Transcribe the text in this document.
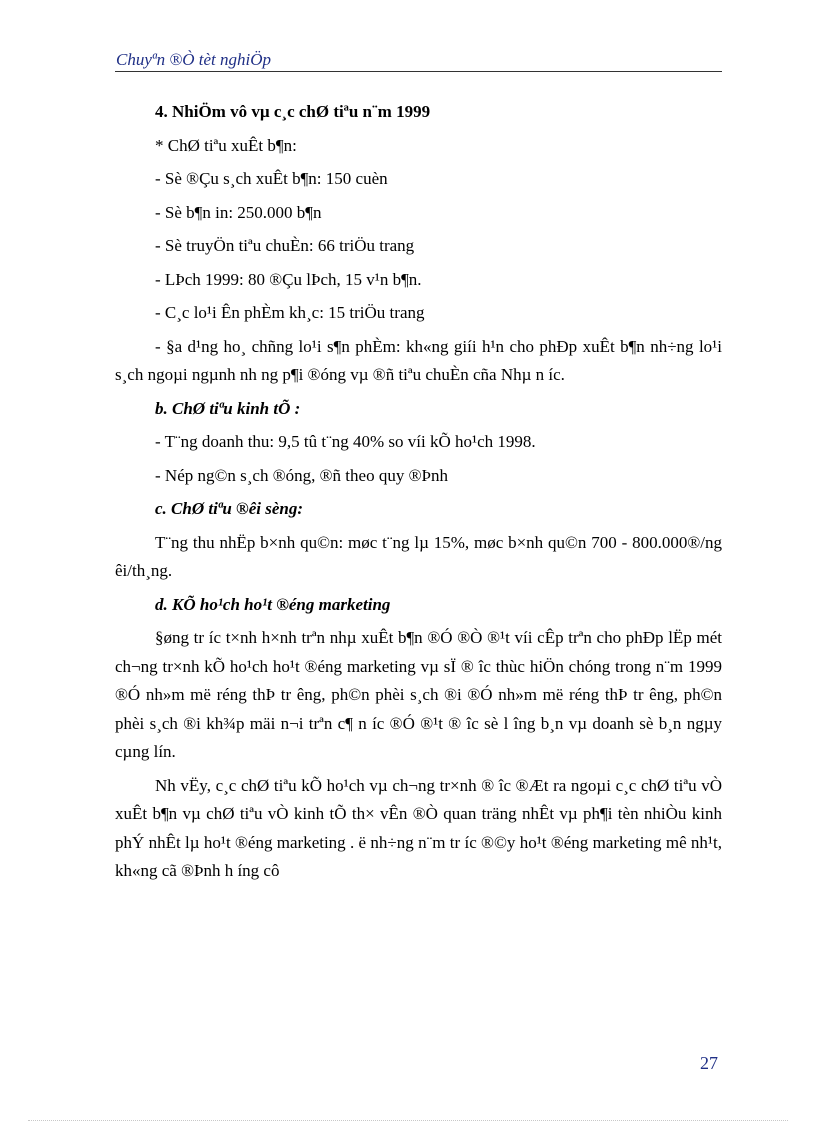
Chuyªn ®Ò tèt nghiÖp

4. NhiÖm vô vµ c¸c chØ tiªu n¨m 1999

* ChØ tiªu xuÊt b¶n:

- Sè ®Çu s¸ch xuÊt b¶n: 150 cuèn

- Sè b¶n in: 250.000 b¶n

- Sè truyÖn tiªu chuÈn: 66 triÖu trang

- LÞch 1999: 80 ®Çu lÞch, 15 v¹n b¶n.

- C¸c lo¹i Ên phÈm kh¸c: 15 triÖu trang

- §a d¹ng ho¸ chñng lo¹i s¶n phÈm: kh«ng giíi h¹n cho phÐp xuÊt b¶n nh÷ng lo¹i s¸ch ngoµi ngµnh nh ng p¶i ®óng vµ ®ñ tiªu chuÈn cña Nhµ n íc.

b. ChØ tiªu kinh tÕ :

- T¨ng doanh thu: 9,5 tû t¨ng 40% so víi kÕ ho¹ch 1998.

- Nép ng©n s¸ch ®óng, ®ñ theo quy ®Þnh

c. ChØ tiªu ®êi sèng:

T¨ng thu nhËp b×nh qu©n: møc t¨ng lµ 15%, møc b×nh qu©n 700 - 800.000®/ng êi/th¸ng.

d. KÕ ho¹ch ho¹t ®éng marketing

§øng tr íc t×nh h×nh trªn nhµ xuÊt b¶n ®Ó ®Ò ®¹t víi cÊp trªn cho phÐp lËp mét ch¬ng tr×nh kÕ ho¹ch ho¹t ®éng marketing vµ sÏ ® îc thùc hiÖn chóng trong n¨m 1999 ®Ó nh»m më réng thÞ tr êng, ph©n phèi s¸ch ®i ®Ó nh»m më réng thÞ tr êng, ph©n phèi s¸ch ®i kh¾p mäi n¬i trªn c¶ n íc ®Ó ®¹t ® îc sè l îng b¸n vµ doanh sè b¸n ngµy cµng lín.

Nh vËy, c¸c chØ tiªu kÕ ho¹ch vµ ch¬ng tr×nh ® îc ®Æt ra ngoµi c¸c chØ tiªu vÒ xuÊt b¶n vµ chØ tiªu vÒ kinh tÕ th× vÊn ®Ò quan träng nhÊt vµ ph¶i tèn nhiÒu kinh phÝ nhÊt lµ ho¹t ®éng marketing . ë nh÷ng n¨m tr íc ®©y ho¹t ®éng marketing mê nh¹t, kh«ng cã ®Þnh h íng cô

27
